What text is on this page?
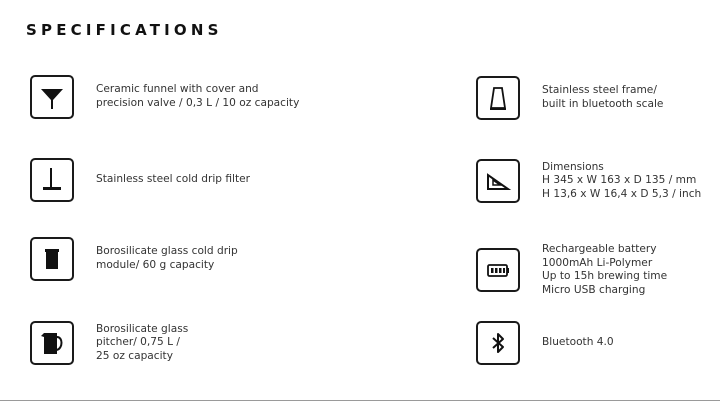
SPECIFICATIONS
Ceramic funnel with cover and
precision valve / 0,3 L / 10 oz capacity
Stainless steel cold drip filter
Borosilicate glass cold drip
module/ 60 g capacity
Borosilicate glass
pitcher/ 0,75 L /
25 oz capacity
Stainless steel frame/
built in bluetooth scale
Dimensions
H 345 x W 163 x D 135 / mm
H 13,6 x W 16,4 x D 5,3 / inch
Rechargeable battery
1000mAh Li-Polymer
Up to 15h brewing time
Micro USB charging
Bluetooth 4.0
